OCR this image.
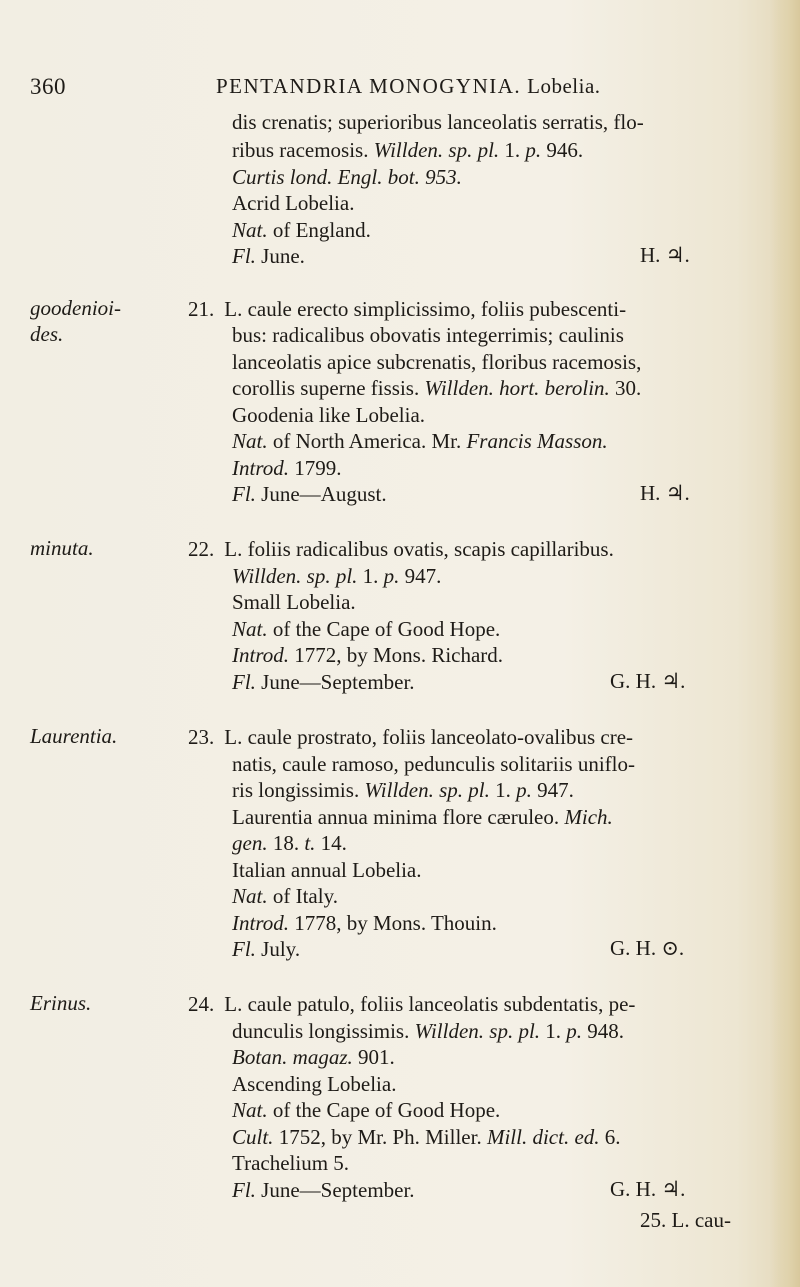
360	PENTANDRIA MONOGYNIA. Lobelia.
dis crenatis; superioribus lanceolatis serratis, flo-
ribus racemosis. Willden. sp. pl. 1. p. 946.
Curtis lond. Engl. bot. 953.
Acrid Lobelia.
Nat. of England.
Fl. June.	H. ♃.
goodenioi-
des.
21. L. caule erecto simplicissimo, foliis pubescenti-
bus: radicalibus obovatis integerrimis; caulinis
lanceolatis apice subcrenatis, floribus racemosis,
corollis superne fissis. Willden. hort. berolin. 30.
Goodenia like Lobelia.
Nat. of North America. Mr. Francis Masson.
Introd. 1799.
Fl. June—August.	H. ♃.
minuta.	22. L. foliis radicalibus ovatis, scapis capillaribus.
Willden. sp. pl. 1. p. 947.
Small Lobelia.
Nat. of the Cape of Good Hope.
Introd. 1772, by Mons. Richard.
Fl. June—September.	G. H. ♃.
Laurentia.	23. L. caule prostrato, foliis lanceolato-ovalibus cre-
natis, caule ramoso, pedunculis solitariis uniflo-
ris longissimis. Willden. sp. pl. 1. p. 947.
Laurentia annua minima flore cæruleo. Mich.
gen. 18. t. 14.
Italian annual Lobelia.
Nat. of Italy.
Introd. 1778, by Mons. Thouin.
Fl. July.	G. H. ⊙.
Erinus.	24. L. caule patulo, foliis lanceolatis subdentatis, pe-
dunculis longissimis. Willden. sp. pl. 1. p. 948.
Botan. magaz. 901.
Ascending Lobelia.
Nat. of the Cape of Good Hope.
Cult. 1752, by Mr. Ph. Miller. Mill. dict. ed. 6.
Trachelium 5.
Fl. June—September.	G. H. ♃.
25. L. cau-
